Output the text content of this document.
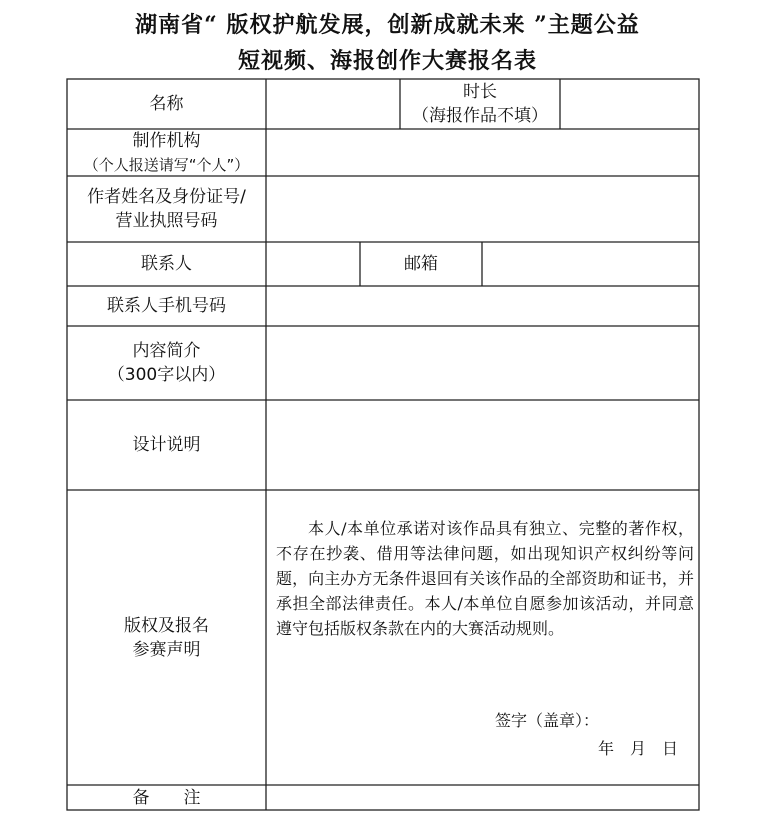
湖南省“ 版权护航发展，创新成就未来 ”主题公益
短视频、海报创作大赛报名表
名称
时长
（海报作品不填）
制作机构
（个人报送请写“个人”）
作者姓名及身份证号/
营业执照号码
联系人	邮箱
联系人手机号码
内容简介
（300字以内）
设计说明
版权及报名
参赛声明
本人/本单位承诺对该作品具有独立、完整的著作权，不存在抄袭、借用等法律问题，如出现知识产权纠纷等问题，向主办方无条件退回有关该作品的全部资助和证书，并承担全部法律责任。本人/本单位自愿参加该活动，并同意遵守包括版权条款在内的大赛活动规则。
签字（盖章）：
年　月　日
备　　注
